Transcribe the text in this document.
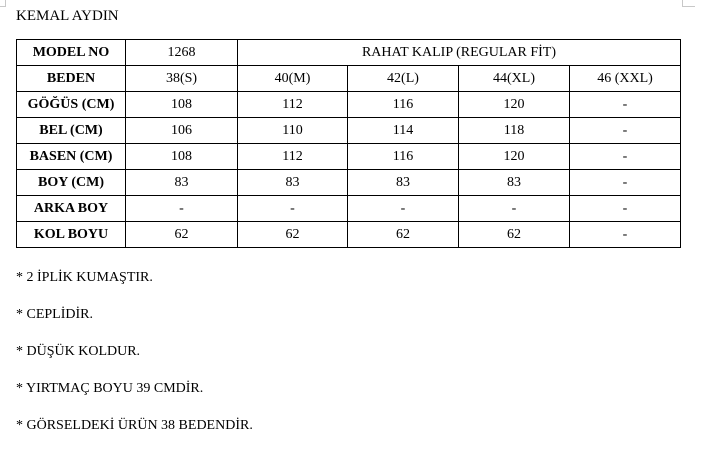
KEMAL AYDIN
MODEL NO	1268	RAHAT KALIP (REGULAR FİT)			
BEDEN	38(S)	40(M)	42(L)	44(XL)	46 (XXL)
GÖĞÜS (CM)	108	112	116	120	-
BEL (CM)	106	110	114	118	-
BASEN (CM)	108	112	116	120	-
BOY (CM)	83	83	83	83	-
ARKA BOY	-	-	-	-	-
KOL BOYU	62	62	62	62	-
* 2 İPLİK KUMAŞTIR.
* CEPLİDİR.
* DÜŞÜK KOLDUR.
* YIRTMAÇ BOYU 39 CMDİR.
* GÖRSELDEKİ ÜRÜN 38 BEDENDİR.
